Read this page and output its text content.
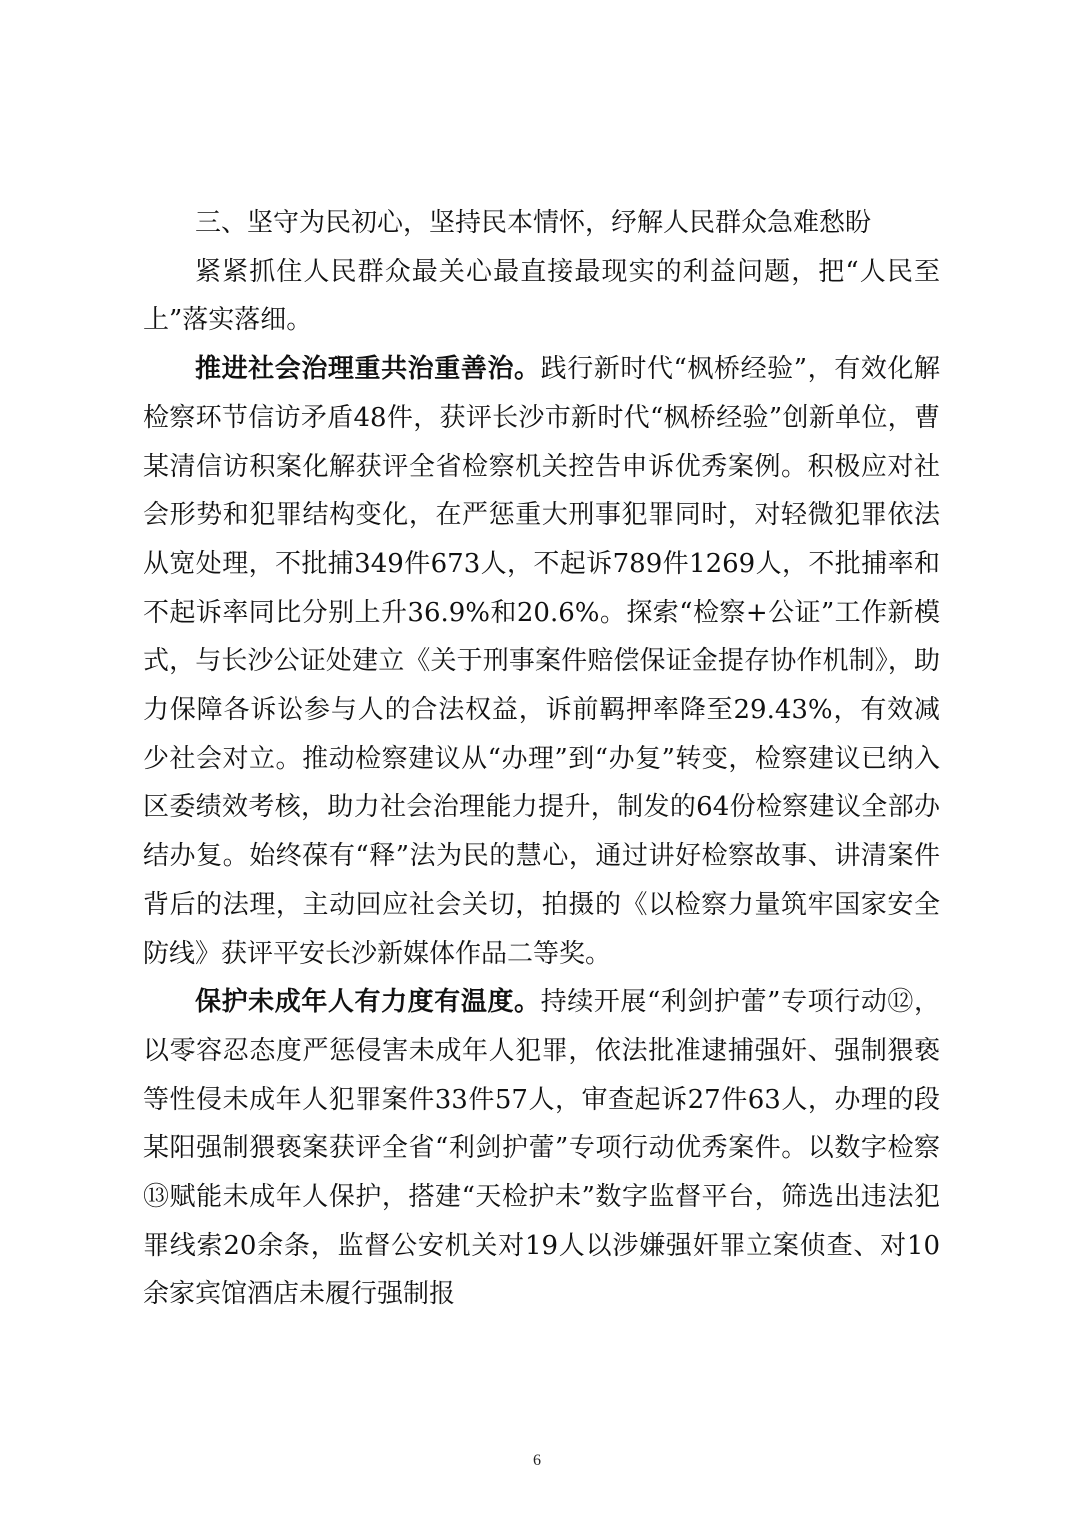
三、坚守为民初心，坚持民本情怀，纾解人民群众急难愁盼

紧紧抓住人民群众最关心最直接最现实的利益问题，把“人民至上”落实落细。

推进社会治理重共治重善治。践行新时代“枫桥经验”，有效化解检察环节信访矛盾48件，获评长沙市新时代“枫桥经验”创新单位，曹某清信访积案化解获评全省检察机关控告申诉优秀案例。积极应对社会形势和犯罪结构变化，在严惩重大刑事犯罪同时，对轻微犯罪依法从宽处理，不批捕349件673人，不起诉789件1269人，不批捕率和不起诉率同比分别上升36.9%和20.6%。探索“检察+公证”工作新模式，与长沙公证处建立《关于刑事案件赔偿保证金提存协作机制》，助力保障各诉讼参与人的合法权益，诉前羁押率降至29.43%，有效减少社会对立。推动检察建议从“办理”到“办复”转变，检察建议已纳入区委绩效考核，助力社会治理能力提升，制发的64份检察建议全部办结办复。始终葆有“释”法为民的慧心，通过讲好检察故事、讲清案件背后的法理，主动回应社会关切，拍摄的《以检察力量筑牢国家安全防线》获评平安长沙新媒体作品二等奖。

保护未成年人有力度有温度。持续开展“利剑护蕾”专项行动⑫，以零容忍态度严惩侵害未成年人犯罪，依法批准逮捕强奸、强制猥亵等性侵未成年人犯罪案件33件57人，审查起诉27件63人，办理的段某阳强制猥亵案获评全省“利剑护蕾”专项行动优秀案件。以数字检察⑬赋能未成年人保护，搭建“天检护未”数字监督平台，筛选出违法犯罪线索20余条，监督公安机关对19人以涉嫌强奸罪立案侦查、对10余家宾馆酒店未履行强制报

6
